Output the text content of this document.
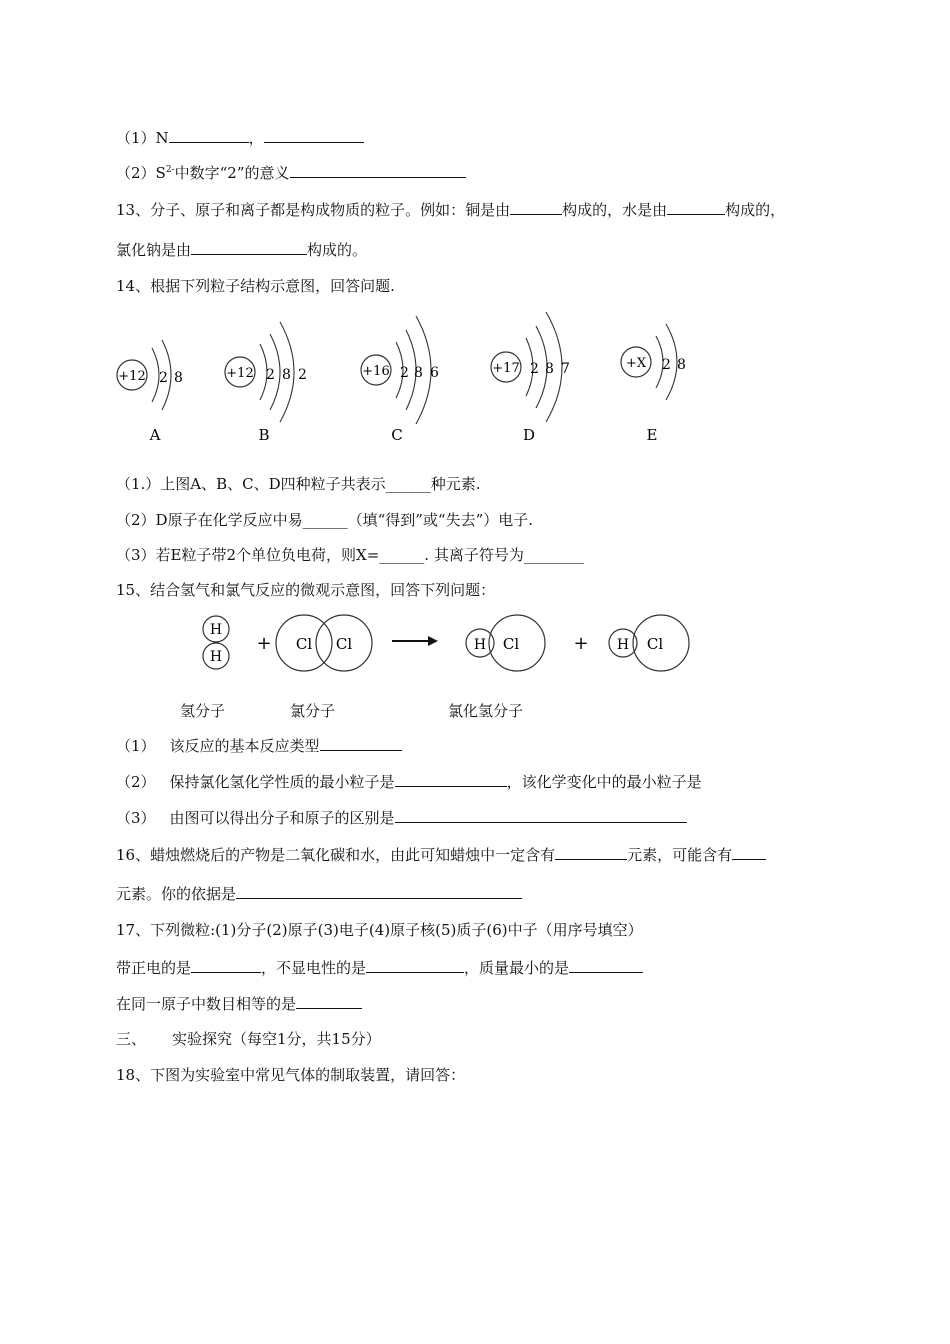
（1）N	，
$(2)S^{2-}$中数字“2”的意义
13、分子、原子和离子都是构成物质的粒子。例如：铜是由	构成的，水是由	构成的，
氯化钠是由	构成的。
14、根据下列粒子结构示意图，回答问题.
+12 2 8
A
+12 2 8 2
B
+16 2 8 6
C
+17 2 8 7
D
+X 2 8
E
（1.）上图A、B、C、D四种粒子共表示______种元素.
（2）D原子在化学反应中易______（填“得到”或“失去”）电子.
（3）若E粒子带2个单位负电荷，则X=______. 其离子符号为________
15、结合氢气和氯气反应的微观示意图，回答下列问题：
H
H
+ Cl Cl	H Cl	+ H Cl
氢分子	氯分子	氯化氢分子
（1） 该反应的基本反应类型
（2） 保持氯化氢化学性质的最小粒子是	，该化学变化中的最小粒子是
（3） 由图可以得出分子和原子的区别是
16、蜡烛燃烧后的产物是二氧化碳和水，由此可知蜡烛中一定含有	元素，可能含有
元素。你的依据是
17、下列微粒:(1)分子(2)原子(3)电子(4)原子核(5)质子(6)中子（用序号填空）
带正电的是	，不显电性的是	，质量最小的是
在同一原子中数目相等的是
三、 实验探究（每空1分，共15分）
18、下图为实验室中常见气体的制取装置，请回答：
